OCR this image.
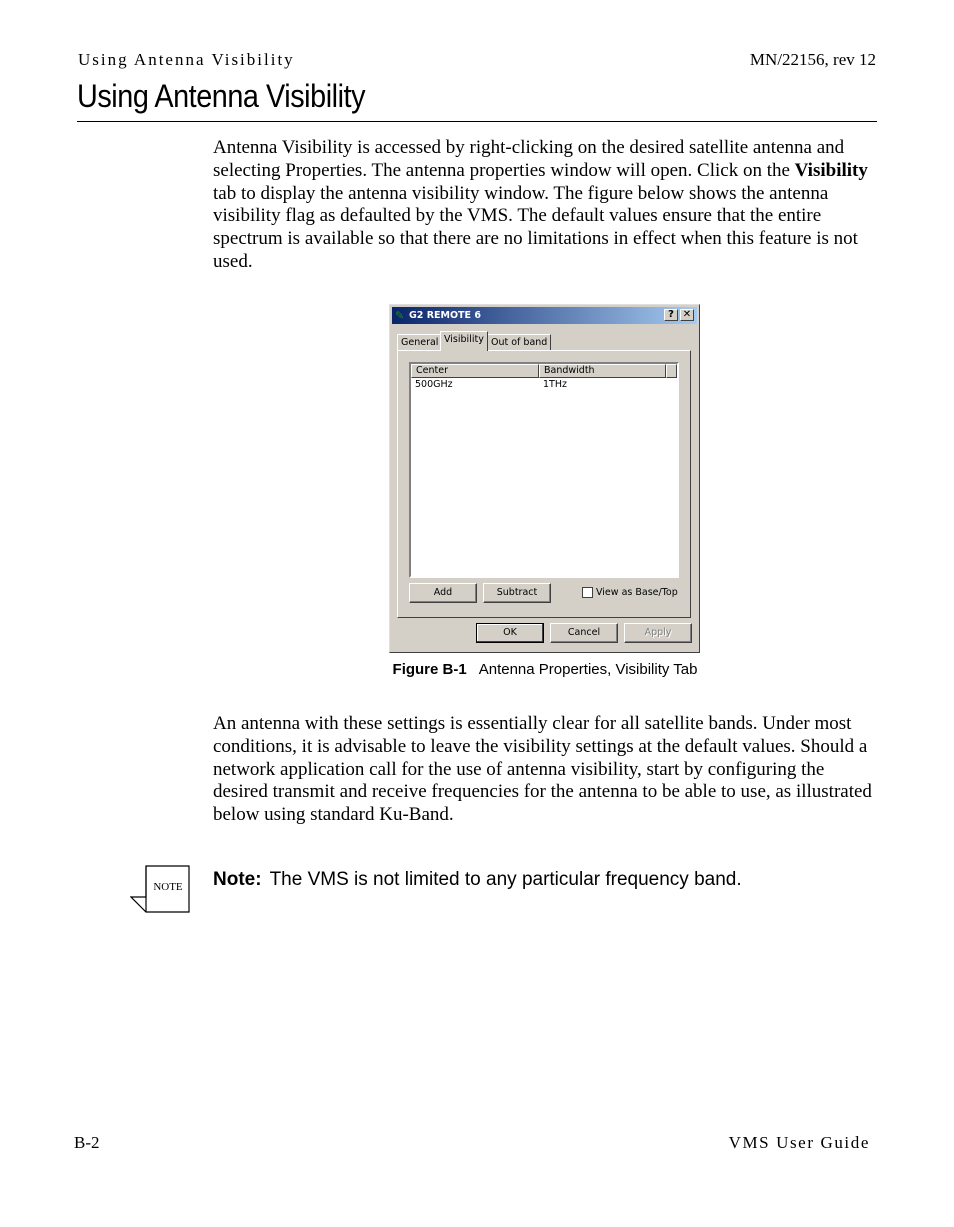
Using Antenna Visibility	MN/22156, rev 12
Using Antenna Visibility

Antenna Visibility is accessed by right-clicking on the desired satellite antenna and selecting Properties. The antenna properties window will open. Click on the Visibility tab to display the antenna visibility window. The figure below shows the antenna visibility flag as defaulted by the VMS. The default values ensure that the entire spectrum is available so that there are no limitations in effect when this feature is not used.

✎ G2 REMOTE 6	? ✕
General Visibility Out of band
Center	Bandwidth
500GHz	1THz
Add	Subtract	View as Base/Top
OK	Cancel	Apply
Figure B-1 Antenna Properties, Visibility Tab

An antenna with these settings is essentially clear for all satellite bands. Under most conditions, it is advisable to leave the visibility settings at the default values. Should a network application call for the use of antenna visibility, start by configuring the desired transmit and receive frequencies for the antenna to be able to use, as illustrated below using standard Ku-Band.

NOTE Note: The VMS is not limited to any particular frequency band.
B-2	VMS User Guide
